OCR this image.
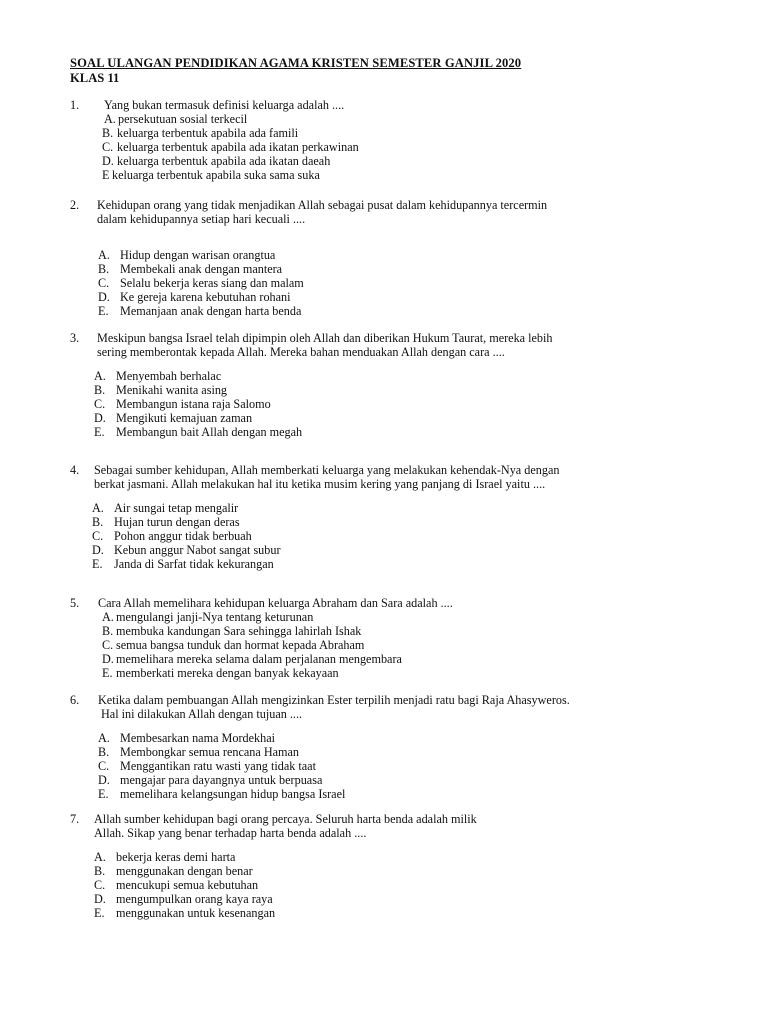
SOAL ULANGAN PENDIDIKAN AGAMA KRISTEN SEMESTER GANJIL 2020
KLAS 11
1. Yang bukan termasuk definisi keluarga adalah ....
A. persekutuan sosial terkecil
B. keluarga terbentuk apabila ada famili
C. keluarga terbentuk apabila ada ikatan perkawinan
D. keluarga terbentuk apabila ada ikatan daeah
E keluarga terbentuk apabila suka sama suka
2. Kehidupan orang yang tidak menjadikan Allah sebagai pusat dalam kehidupannya tercermin
dalam kehidupannya setiap hari kecuali ....
A. Hidup dengan warisan orangtua
B. Membekali anak dengan mantera
C. Selalu bekerja keras siang dan malam
D. Ke gereja karena kebutuhan rohani
E. Memanjaan anak dengan harta benda
3. Meskipun bangsa Israel telah dipimpin oleh Allah dan diberikan Hukum Taurat, mereka lebih
sering memberontak kepada Allah. Mereka bahan menduakan Allah dengan cara ....
A. Menyembah berhalac
B. Menikahi wanita asing
C. Membangun istana raja Salomo
D. Mengikuti kemajuan zaman
E. Membangun bait Allah dengan megah
4. Sebagai sumber kehidupan, Allah memberkati keluarga yang melakukan kehendak-Nya dengan
berkat jasmani. Allah melakukan hal itu ketika musim kering yang panjang di Israel yaitu ....
A. Air sungai tetap mengalir
B. Hujan turun dengan deras
C. Pohon anggur tidak berbuah
D. Kebun anggur Nabot sangat subur
E. Janda di Sarfat tidak kekurangan
5. Cara Allah memelihara kehidupan keluarga Abraham dan Sara adalah ....
A. mengulangi janji-Nya tentang keturunan
B. membuka kandungan Sara sehingga lahirlah Ishak
C. semua bangsa tunduk dan hormat kepada Abraham
D. memelihara mereka selama dalam perjalanan mengembara
E. memberkati mereka dengan banyak kekayaan
6. Ketika dalam pembuangan Allah mengizinkan Ester terpilih menjadi ratu bagi Raja Ahasyweros.
Hal ini dilakukan Allah dengan tujuan ....
A. Membesarkan nama Mordekhai
B. Membongkar semua rencana Haman
C. Menggantikan ratu wasti yang tidak taat
D. mengajar para dayangnya untuk berpuasa
E. memelihara kelangsungan hidup bangsa Israel
7. Allah sumber kehidupan bagi orang percaya. Seluruh harta benda adalah milik
Allah. Sikap yang benar terhadap harta benda adalah ....
A. bekerja keras demi harta
B. menggunakan dengan benar
C. mencukupi semua kebutuhan
D. mengumpulkan orang kaya raya
E. menggunakan untuk kesenangan
